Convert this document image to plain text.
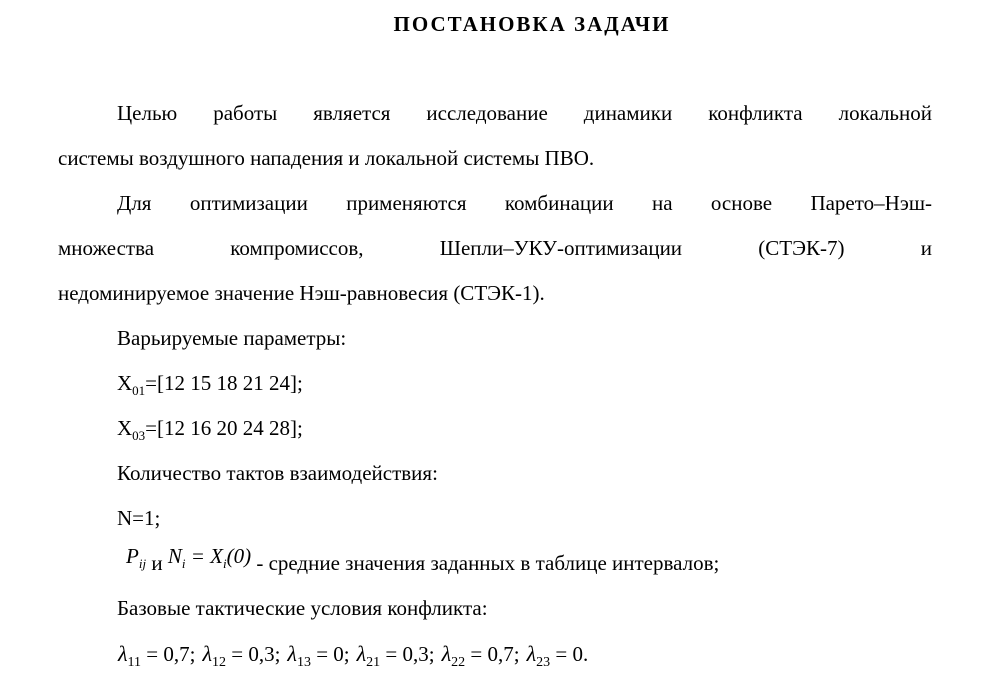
ПОСТАНОВКА ЗАДАЧИ
Целью работы является исследование динамики конфликта локальной
системы воздушного нападения и локальной системы ПВО.
Для оптимизации применяются комбинации на основе Парето–Нэш-
множества компромиссов, Шепли–УКУ-оптимизации (СТЭК-7) и
недоминируемое значение Нэш-равновесия (СТЭК-1).
Варьируемые параметры:
$X_{01}=[12$ 15 18 21 24];
$X_{03}=[12$ 16 20 24 28];
Количество тактов взаимодействия:
N=1;
$P_{ij}$ и $N_i = X_i(0)$ - средние значения заданных в таблице интервалов;
Базовые тактические условия конфликта:
$\lambda_{11} = 0,7$; $\lambda_{12} = 0,3$; $\lambda_{13} = 0$; $\lambda_{21} = 0,3$; $\lambda_{22} = 0,7$; $\lambda_{23} = 0$.
